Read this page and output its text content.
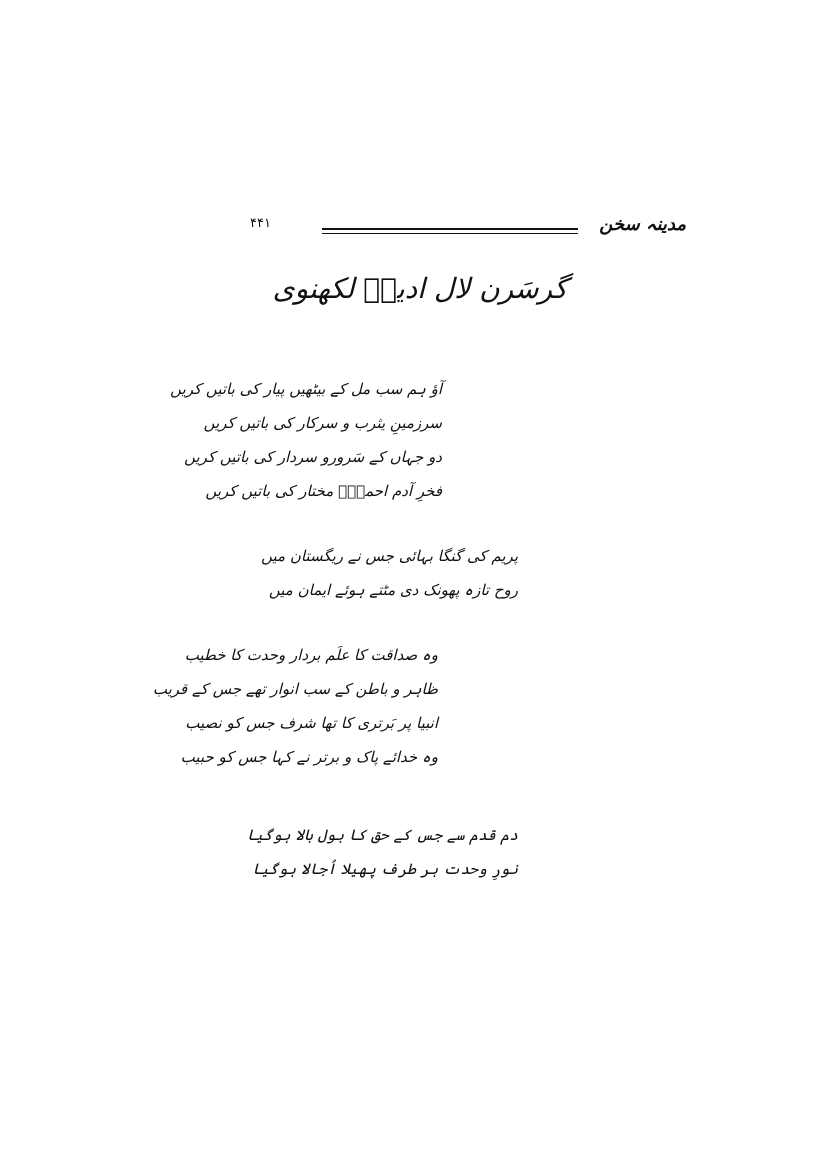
۴۴۱	مدینہ سخن
گرسَرن لال ادیبؔ لکھنوی
آؤ ہم سب مل کے بیٹھیں پیار کی باتیں کریں
سرزمینِ یثرب و سرکار کی باتیں کریں
دو جہاں کے سَرورو سردار کی باتیں کریں
فخرِ آدم احمدِؐ مختار کی باتیں کریں
پریم کی گنگا بہائی جس نے ریگستان میں
روح تازہ پھونک دی مٹتے ہوئے ایمان میں
وہ صداقت کا علَم بردار وحدت کا خطیب
ظاہر و باطن کے سب انوار تھے جس کے قریب
انبیا پر بَرتری کا تھا شرف جس کو نصیب
وہ خدائے پاک و برتر نے کہا جس کو حبیب
دم قدم سے جس کے حق کا بول بالا ہوگیا
نورِ وحدت ہر طرف پھیلا اُجالا ہوگیا
